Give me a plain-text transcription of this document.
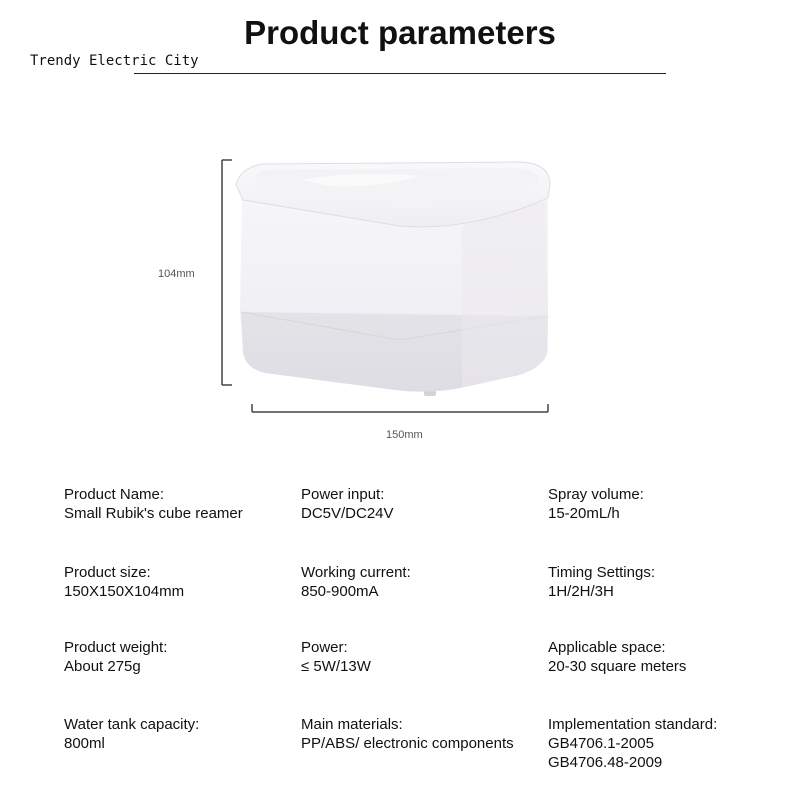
Product parameters
Trendy Electric City
104mm
150mm
Product Name:
Small Rubik's cube reamer
Power input:
DC5V/DC24V
Spray volume:
15-20mL/h
Product size:
150X150X104mm
Working current:
850-900mA
Timing Settings:
1H/2H/3H
Product weight:
About 275g
Power:
≤ 5W/13W
Applicable space:
20-30 square meters
Water tank capacity:
800ml
Main materials:
PP/ABS/ electronic components
Implementation standard:
GB4706.1-2005
GB4706.48-2009
